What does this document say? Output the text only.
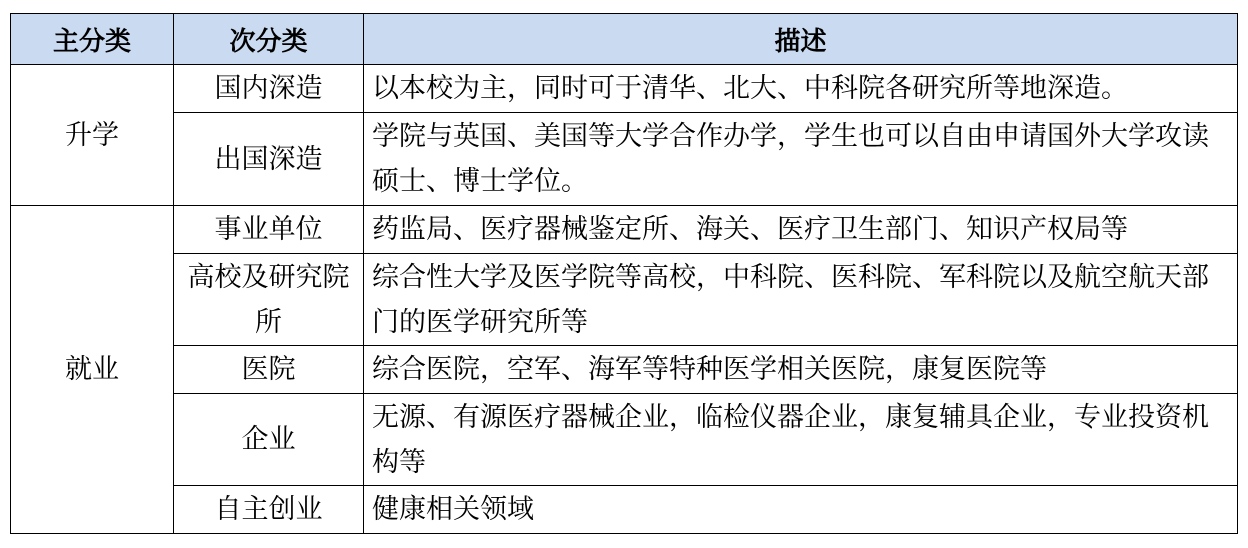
主分类	次分类	描述
升学	国内深造	以本校为主，同时可于清华、北大、中科院各研究所等地深造。
	出国深造	学院与英国、美国等大学合作办学，学生也可以自由申请国外大学攻读硕士、博士学位。
就业	事业单位	药监局、医疗器械鉴定所、海关、医疗卫生部门、知识产权局等
	高校及研究院所	综合性大学及医学院等高校，中科院、医科院、军科院以及航空航天部门的医学研究所等
	医院	综合医院，空军、海军等特种医学相关医院，康复医院等
	企业	无源、有源医疗器械企业，临检仪器企业，康复辅具企业，专业投资机构等
	自主创业	健康相关领域
